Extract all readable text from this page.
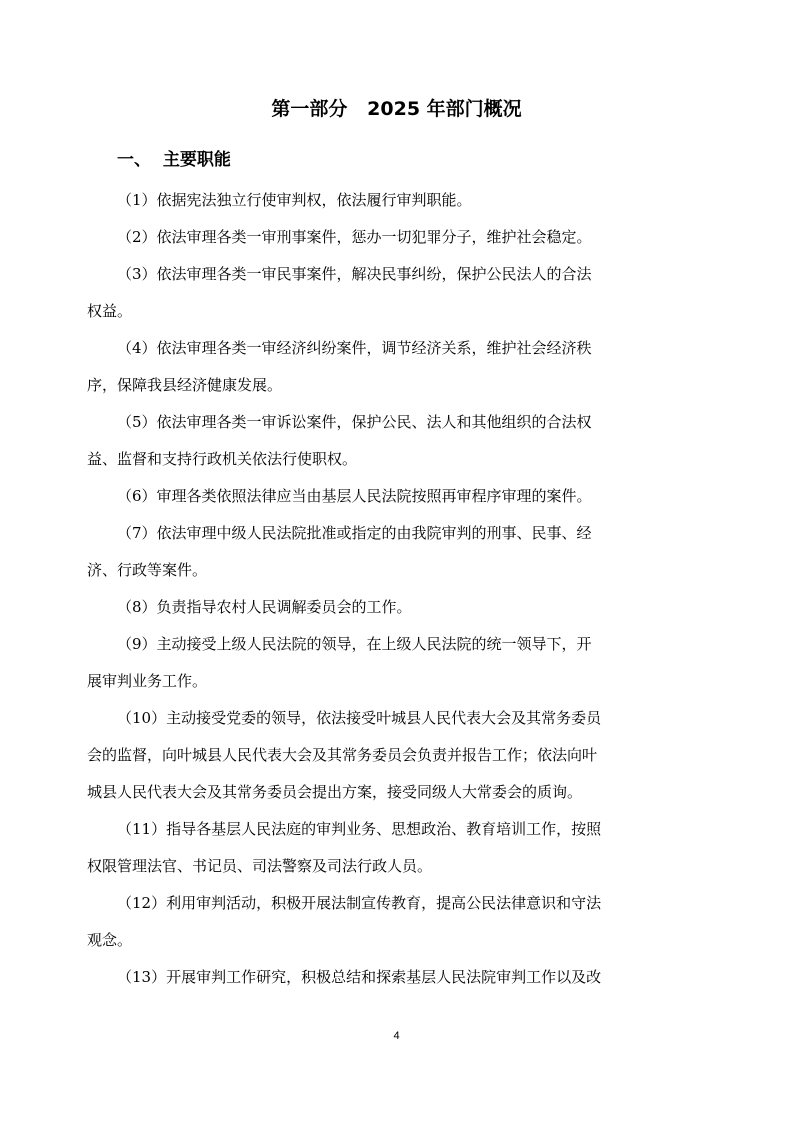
第一部分   2025 年部门概况
一、  主要职能

（1）依据宪法独立行使审判权，依法履行审判职能。

（2）依法审理各类一审刑事案件，惩办一切犯罪分子，维护社会稳定。

（3）依法审理各类一审民事案件，解决民事纠纷，保护公民法人的合法
权益。

（4）依法审理各类一审经济纠纷案件，调节经济关系，维护社会经济秩
序，保障我县经济健康发展。

（5）依法审理各类一审诉讼案件，保护公民、法人和其他组织的合法权
益、监督和支持行政机关依法行使职权。

（6）审理各类依照法律应当由基层人民法院按照再审程序审理的案件。

（7）依法审理中级人民法院批准或指定的由我院审判的刑事、民事、经
济、行政等案件。

（8）负责指导农村人民调解委员会的工作。

（9）主动接受上级人民法院的领导，在上级人民法院的统一领导下，开
展审判业务工作。

（10）主动接受党委的领导，依法接受叶城县人民代表大会及其常务委员
会的监督，向叶城县人民代表大会及其常务委员会负责并报告工作；依法向叶
城县人民代表大会及其常务委员会提出方案，接受同级人大常委会的质询。

（11）指导各基层人民法庭的审判业务、思想政治、教育培训工作，按照
权限管理法官、书记员、司法警察及司法行政人员。

（12）利用审判活动，积极开展法制宣传教育，提高公民法律意识和守法
观念。

（13）开展审判工作研究，积极总结和探索基层人民法院审判工作以及改

4
